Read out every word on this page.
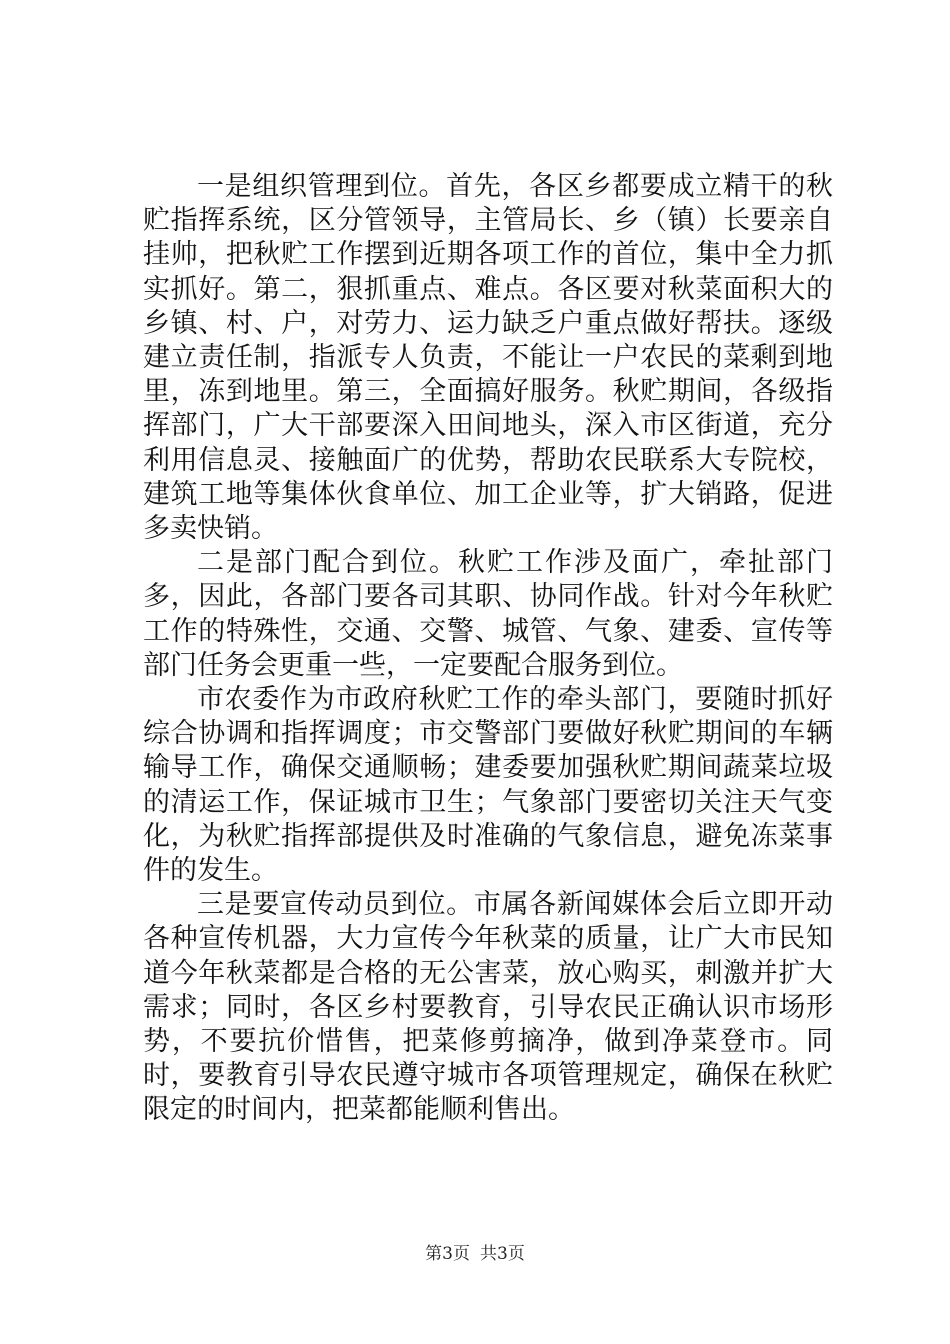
一是组织管理到位。首先，各区乡都要成立精干的秋贮指挥系统，区分管领导，主管局长、乡（镇）长要亲自挂帅，把秋贮工作摆到近期各项工作的首位，集中全力抓实抓好。第二，狠抓重点、难点。各区要对秋菜面积大的乡镇、村、户，对劳力、运力缺乏户重点做好帮扶。逐级建立责任制，指派专人负责，不能让一户农民的菜剩到地里，冻到地里。第三，全面搞好服务。秋贮期间，各级指挥部门，广大干部要深入田间地头，深入市区街道，充分利用信息灵、接触面广的优势，帮助农民联系大专院校，建筑工地等集体伙食单位、加工企业等，扩大销路，促进多卖快销。

二是部门配合到位。秋贮工作涉及面广，牵扯部门多，因此，各部门要各司其职、协同作战。针对今年秋贮工作的特殊性，交通、交警、城管、气象、建委、宣传等部门任务会更重一些，一定要配合服务到位。

市农委作为市政府秋贮工作的牵头部门，要随时抓好综合协调和指挥调度；市交警部门要做好秋贮期间的车辆输导工作，确保交通顺畅；建委要加强秋贮期间蔬菜垃圾的清运工作，保证城市卫生；气象部门要密切关注天气变化，为秋贮指挥部提供及时准确的气象信息，避免冻菜事件的发生。

三是要宣传动员到位。市属各新闻媒体会后立即开动各种宣传机器，大力宣传今年秋菜的质量，让广大市民知道今年秋菜都是合格的无公害菜，放心购买，刺激并扩大需求；同时，各区乡村要教育，引导农民正确认识市场形势，不要抗价惜售，把菜修剪摘净，做到净菜登市。同时，要教育引导农民遵守城市各项管理规定，确保在秋贮限定的时间内，把菜都能顺利售出。

第3页 共3页
